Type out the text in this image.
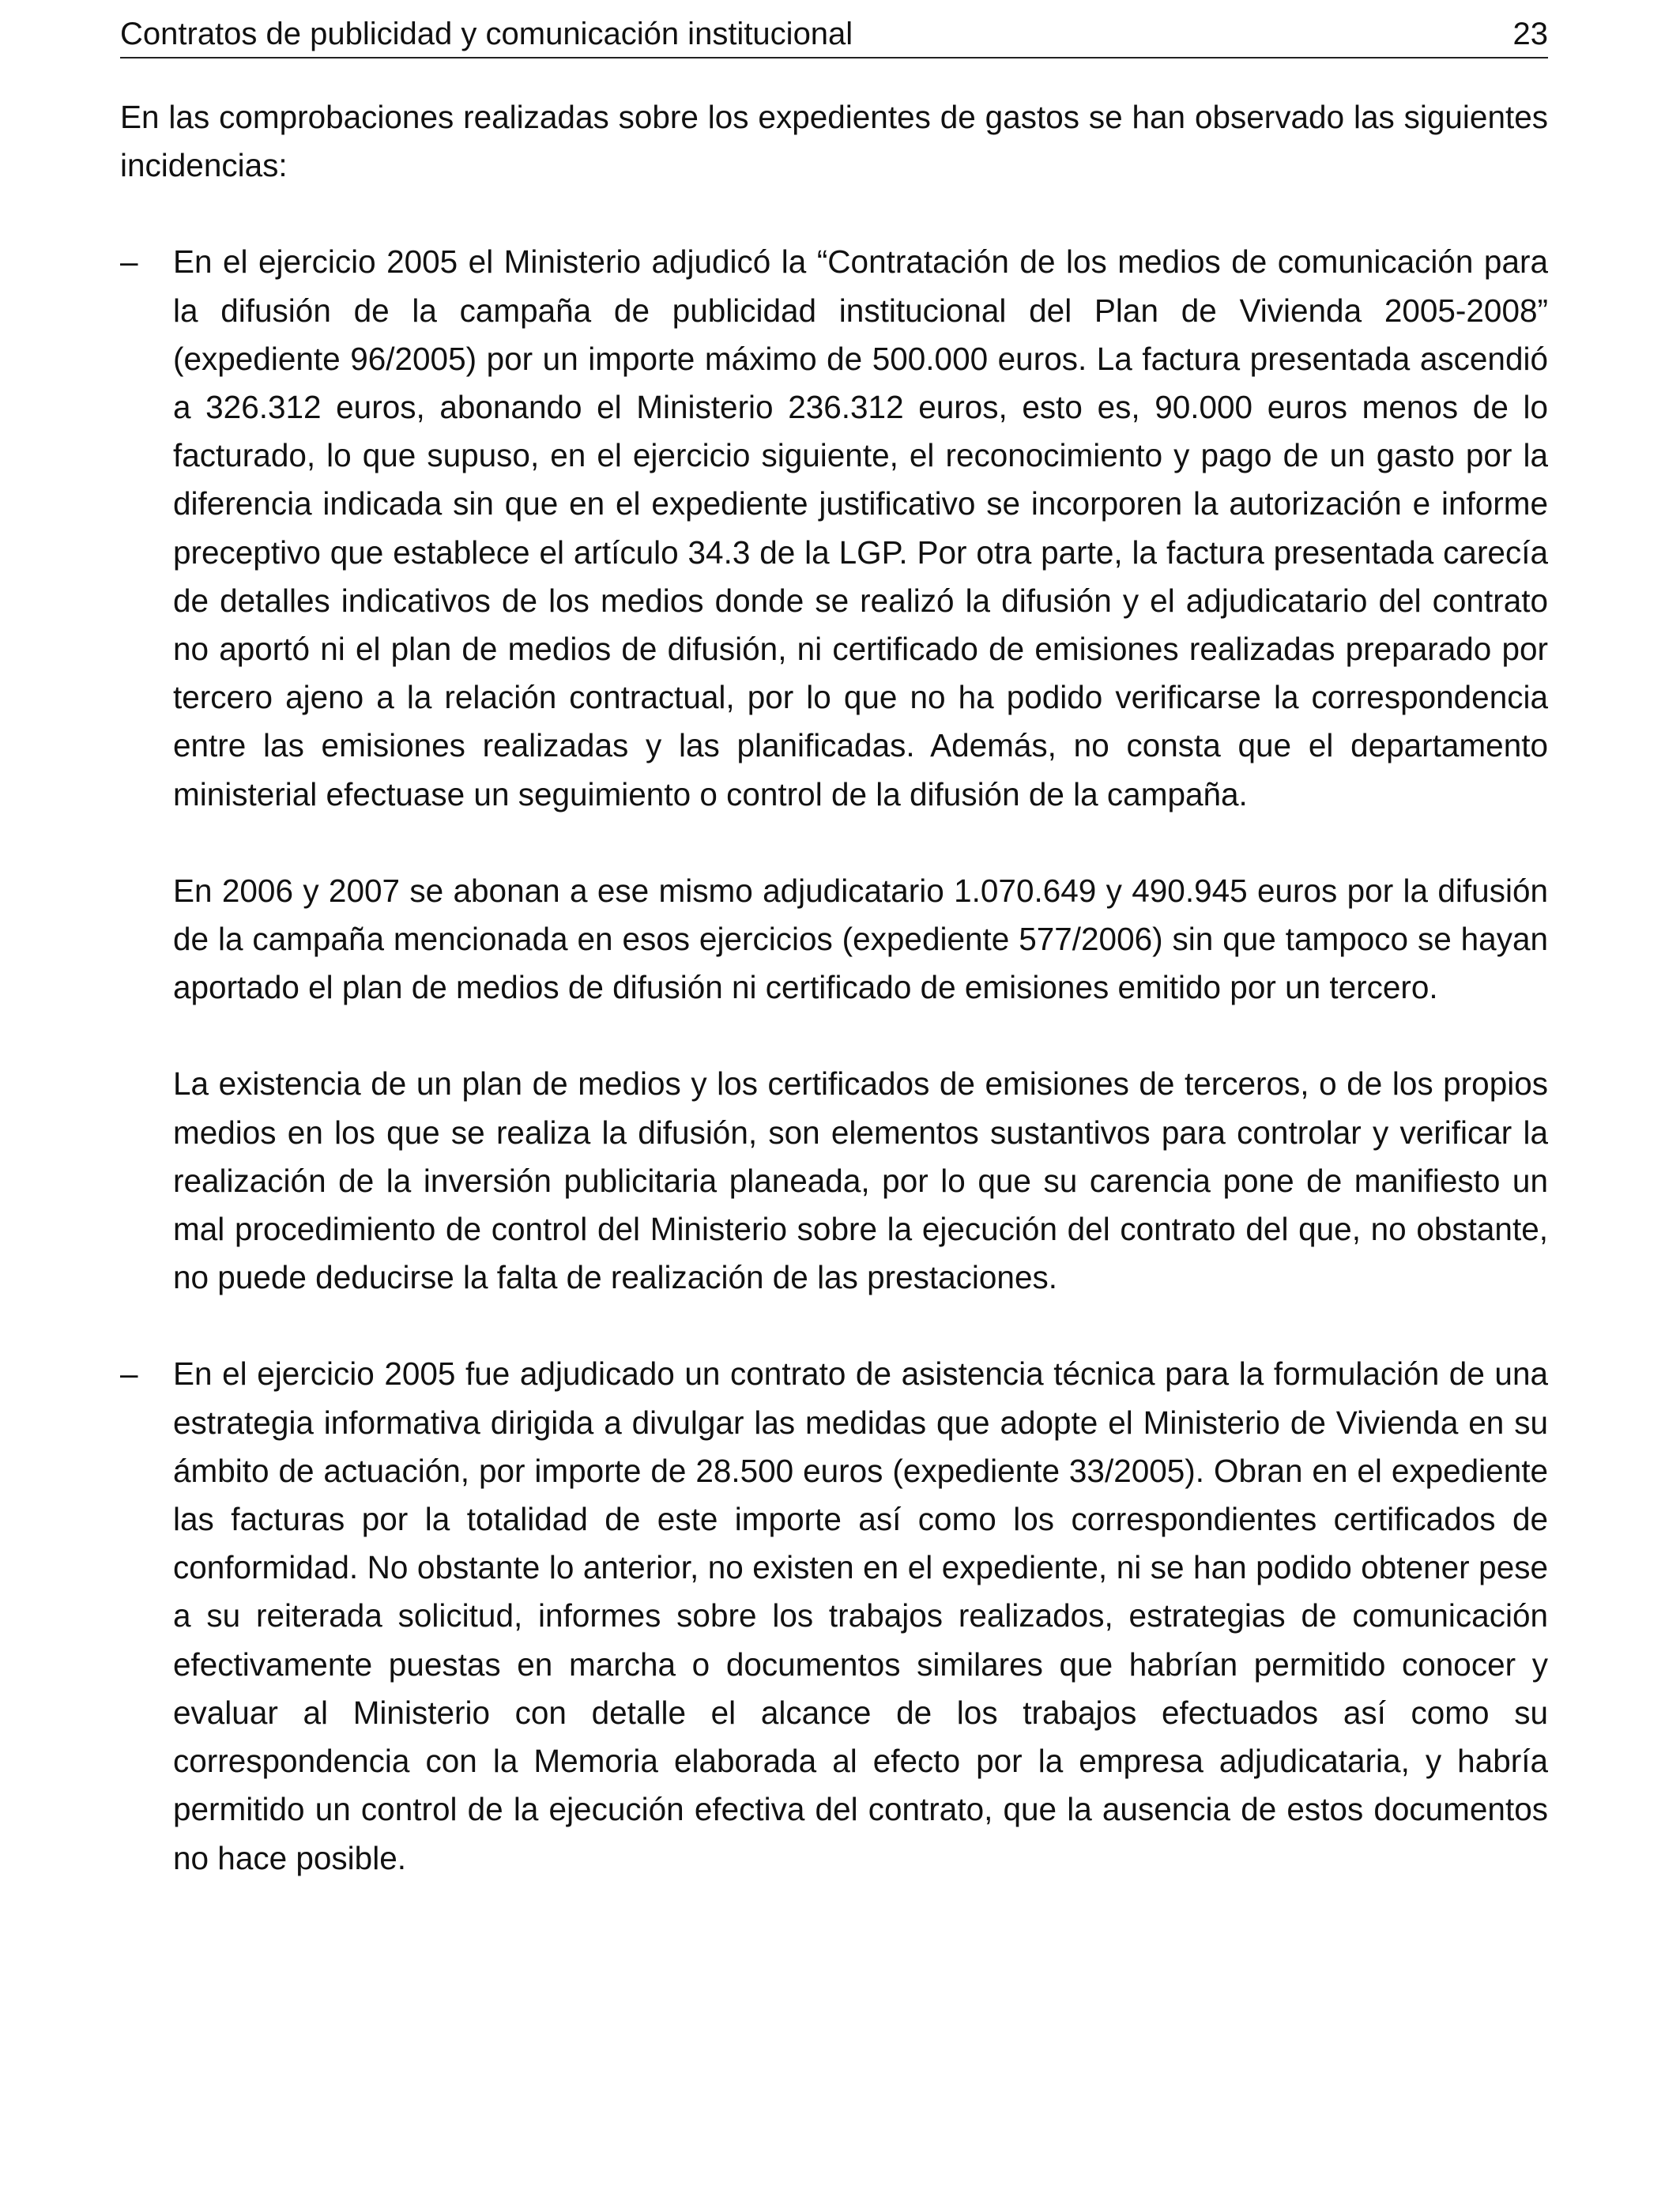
Contratos de publicidad y comunicación institucional	23

En las comprobaciones realizadas sobre los expedientes de gastos se han observado las siguientes incidencias:

– En el ejercicio 2005 el Ministerio adjudicó la “Contratación de los medios de comunicación para la difusión de la campaña de publicidad institucional del Plan de Vivienda 2005-2008” (expediente 96/2005) por un importe máximo de 500.000 euros. La factura presentada ascendió a 326.312 euros, abonando el Ministerio 236.312 euros, esto es, 90.000 euros menos de lo facturado, lo que supuso, en el ejercicio siguiente, el reconocimiento y pago de un gasto por la diferencia indicada sin que en el expediente justificativo se incorporen la autorización e informe preceptivo que establece el artículo 34.3 de la LGP. Por otra parte, la factura presentada carecía de detalles indicativos de los medios donde se realizó la difusión y el adjudicatario del contrato no aportó ni el plan de medios de difusión, ni certificado de emisiones realizadas preparado por tercero ajeno a la relación contractual, por lo que no ha podido verificarse la correspondencia entre las emisiones realizadas y las planificadas. Además, no consta que el departamento ministerial efectuase un seguimiento o control de la difusión de la campaña.

En 2006 y 2007 se abonan a ese mismo adjudicatario 1.070.649 y 490.945 euros por la difusión de la campaña mencionada en esos ejercicios (expediente 577/2006) sin que tampoco se hayan aportado el plan de medios de difusión ni certificado de emisiones emitido por un tercero.

La existencia de un plan de medios y los certificados de emisiones de terceros, o de los propios medios en los que se realiza la difusión, son elementos sustantivos para controlar y verificar la realización de la inversión publicitaria planeada, por lo que su carencia pone de manifiesto un mal procedimiento de control del Ministerio sobre la ejecución del contrato del que, no obstante, no puede deducirse la falta de realización de las prestaciones.

– En el ejercicio 2005 fue adjudicado un contrato de asistencia técnica para la formulación de una estrategia informativa dirigida a divulgar las medidas que adopte el Ministerio de Vivienda en su ámbito de actuación, por importe de 28.500 euros (expediente 33/2005). Obran en el expediente las facturas por la totalidad de este importe así como los correspondientes certificados de conformidad. No obstante lo anterior, no existen en el expediente, ni se han podido obtener pese a su reiterada solicitud, informes sobre los trabajos realizados, estrategias de comunicación efectivamente puestas en marcha o documentos similares que habrían permitido conocer y evaluar al Ministerio con detalle el alcance de los trabajos efectuados así como su correspondencia con la Memoria elaborada al efecto por la empresa adjudicataria, y habría permitido un control de la ejecución efectiva del contrato, que la ausencia de estos documentos no hace posible.
